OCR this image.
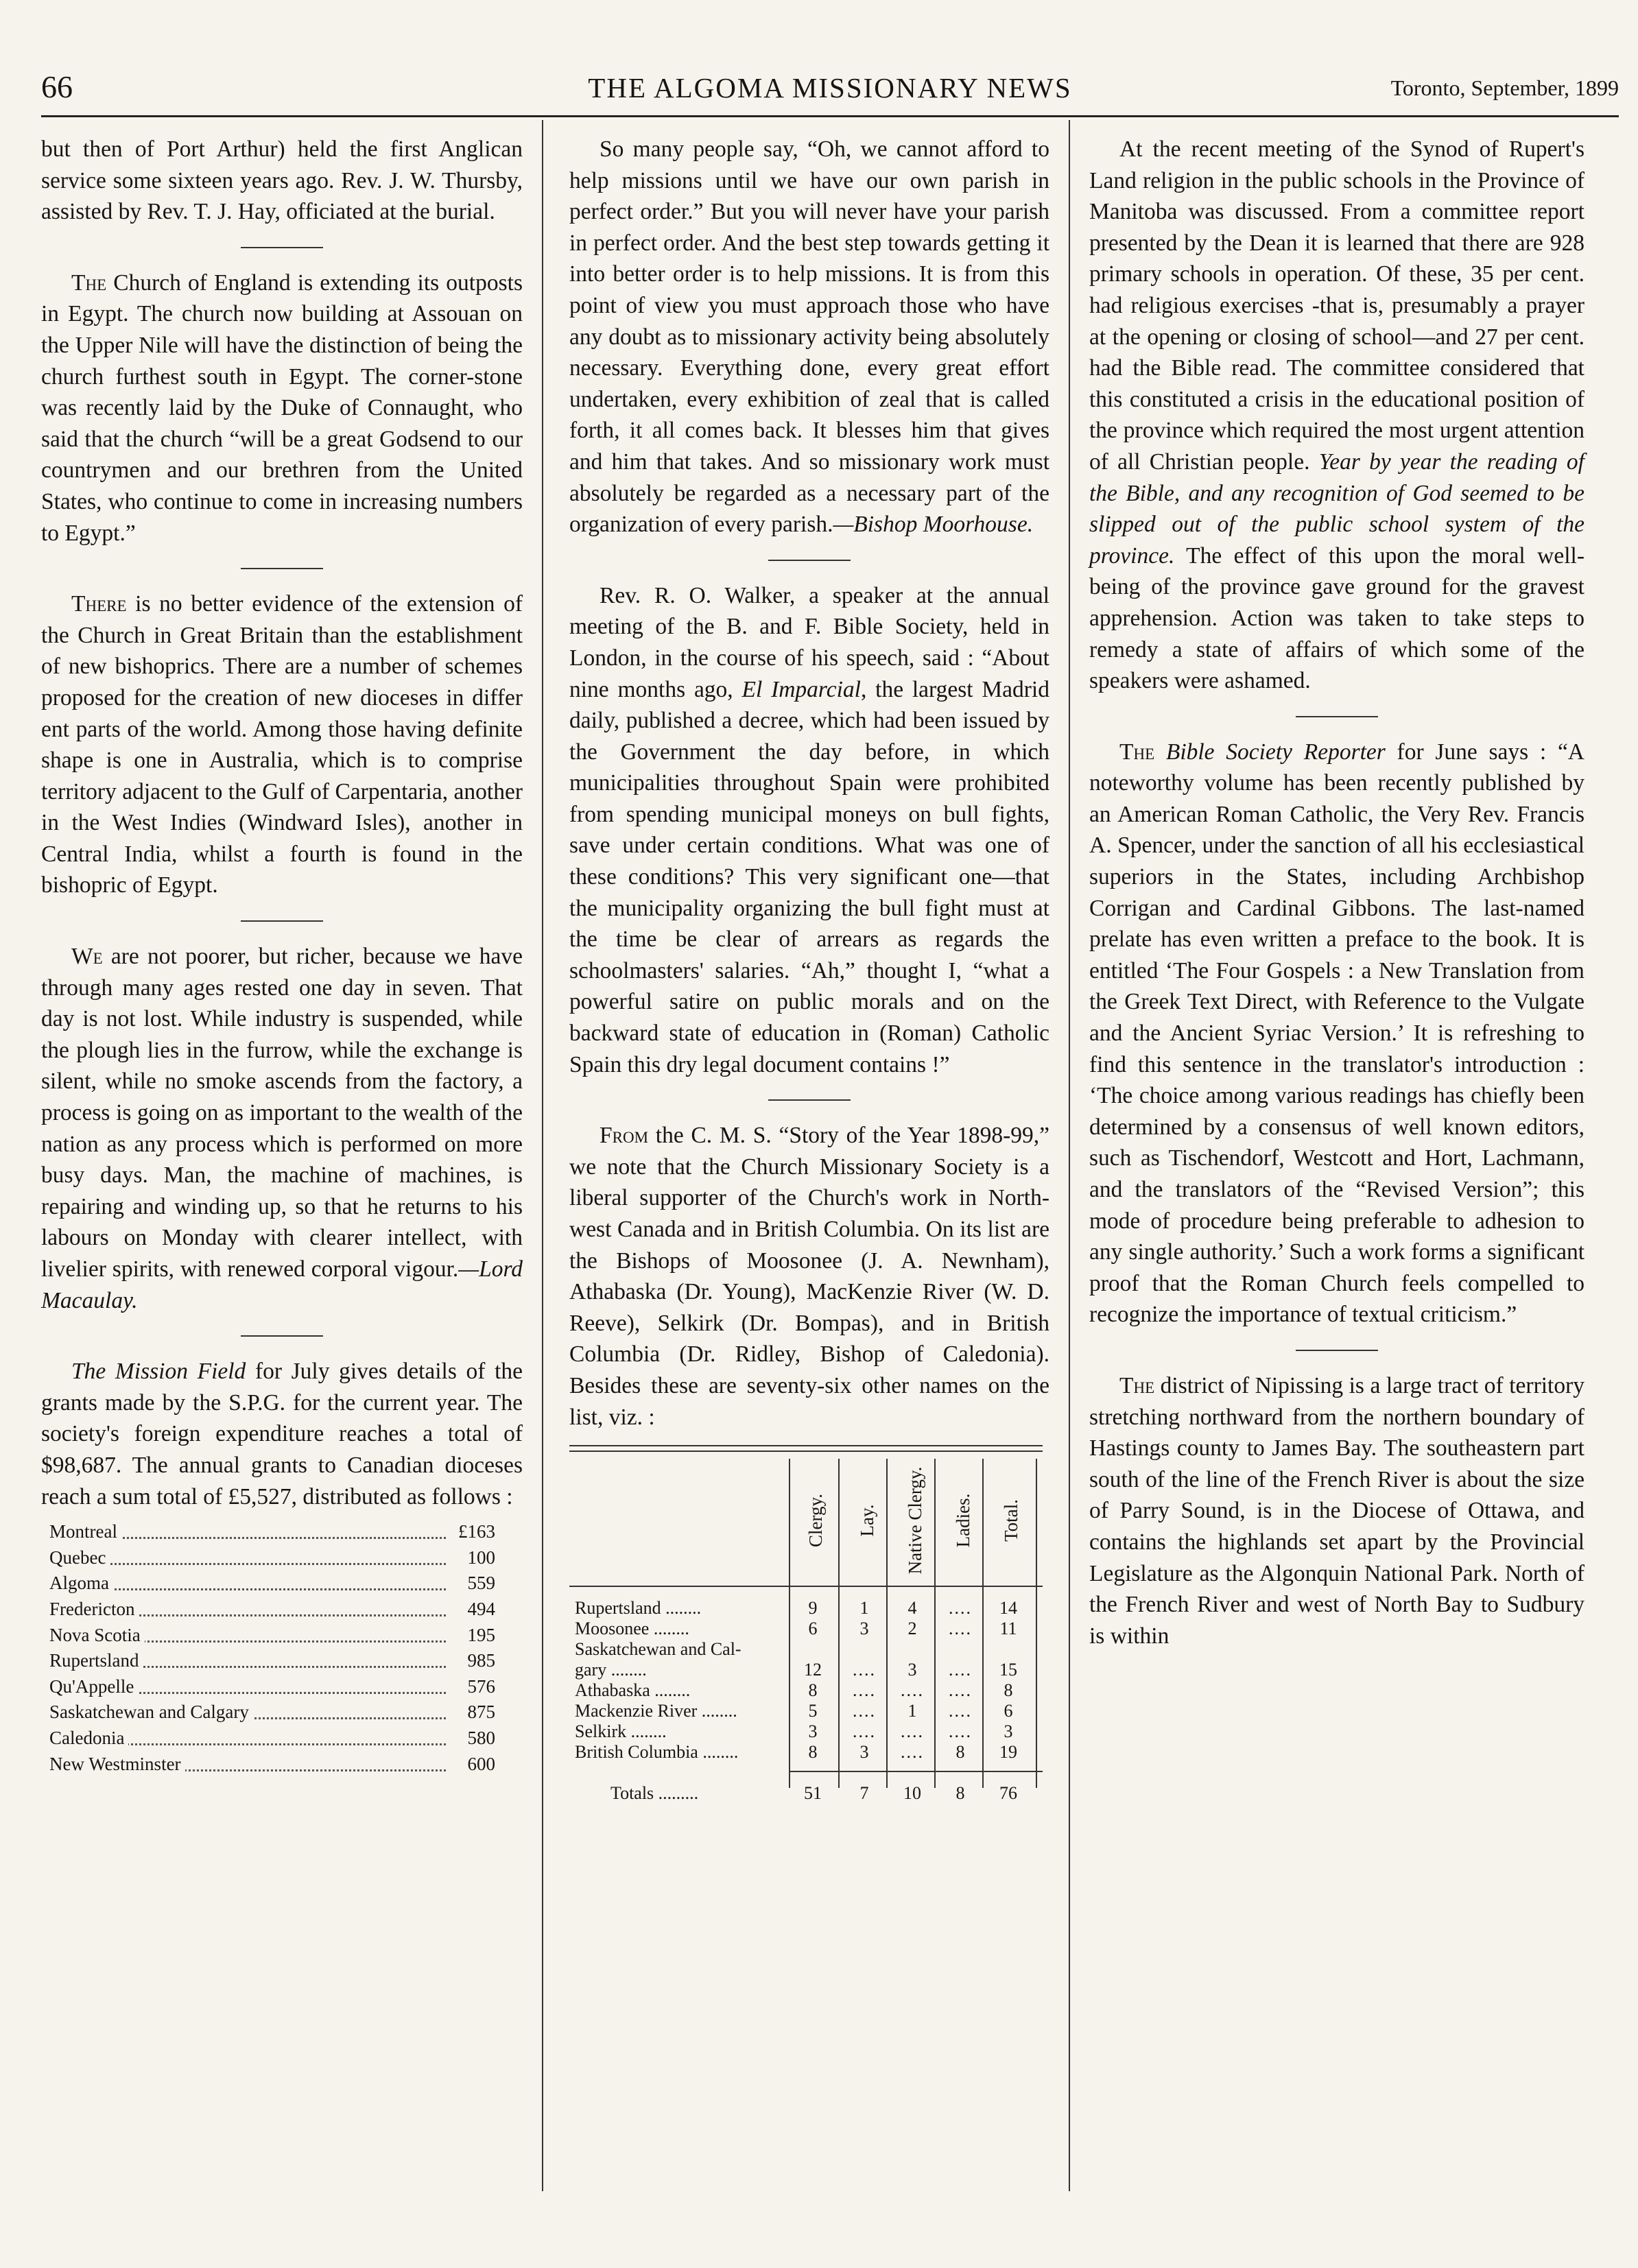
66	THE ALGOMA MISSIONARY NEWS	Toronto, September, 1899

but then of Port Arthur) held the first Anglican service some sixteen years ago. Rev. J. W. Thursby, assisted by Rev. T. J. Hay, officiated at the burial.

The Church of England is extending its outposts in Egypt. The church now building at Assouan on the Upper Nile will have the distinction of being the church furthest south in Egypt. The corner-stone was recently laid by the Duke of Connaught, who said that the church “will be a great Godsend to our countrymen and our brethren from the United States, who continue to come in increasing numbers to Egypt.”

There is no better evidence of the extension of the Church in Great Britain than the establishment of new bishoprics. There are a number of schemes proposed for the creation of new dioceses in differ ent parts of the world. Among those having definite shape is one in Australia, which is to comprise territory adjacent to the Gulf of Carpentaria, another in the West Indies (Windward Isles), another in Central India, whilst a fourth is found in the bishopric of Egypt.

We are not poorer, but richer, because we have through many ages rested one day in seven. That day is not lost. While industry is suspended, while the plough lies in the furrow, while the exchange is silent, while no smoke ascends from the factory, a process is going on as important to the wealth of the nation as any process which is performed on more busy days. Man, the machine of machines, is repairing and winding up, so that he returns to his labours on Monday with clearer intellect, with livelier spirits, with renewed corporal vigour.—Lord Macaulay.

The Mission Field for July gives details of the grants made by the S.P.G. for the current year. The society's foreign expenditure reaches a total of $98,687. The annual grants to Canadian dioceses reach a sum total of £5,527, distributed as follows :

Montreal	£163
Quebec	100
Algoma	559
Fredericton	494
Nova Scotia	195
Rupertsland	985
Qu'Appelle	576
Saskatchewan and Calgary	875
Caledonia	580
New Westminster	600

So many people say, “Oh, we cannot afford to help missions until we have our own parish in perfect order.” But you will never have your parish in perfect order. And the best step towards getting it into better order is to help missions. It is from this point of view you must approach those who have any doubt as to missionary activity being absolutely necessary. Everything done, every great effort undertaken, every exhibition of zeal that is called forth, it all comes back. It blesses him that gives and him that takes. And so missionary work must absolutely be regarded as a necessary part of the organization of every parish.—Bishop Moorhouse.

Rev. R. O. Walker, a speaker at the annual meeting of the B. and F. Bible Society, held in London, in the course of his speech, said : “About nine months ago, El Imparcial, the largest Madrid daily, published a decree, which had been issued by the Government the day before, in which municipalities throughout Spain were prohibited from spending municipal moneys on bull fights, save under certain conditions. What was one of these conditions? This very significant one—that the municipality organizing the bull fight must at the time be clear of arrears as regards the schoolmasters' salaries. “Ah,” thought I, “what a powerful satire on public morals and on the backward state of education in (Roman) Catholic Spain this dry legal document contains !”

From the C. M. S. “Story of the Year 1898-99,” we note that the Church Missionary Society is a liberal supporter of the Church's work in North-west Canada and in British Columbia. On its list are the Bishops of Moosonee (J. A. Newnham), Athabaska (Dr. Young), MacKenzie River (W. D. Reeve), Selkirk (Dr. Bompas), and in British Columbia (Dr. Ridley, Bishop of Caledonia). Besides these are seventy-six other names on the list, viz. :

Clergy.	Lay.	Native Clergy.	Ladies.	Total.
Rupertsland ........	9	1	4	....	14
Moosonee ........	6	3	2	....	11
Saskatchewan and Cal-
gary ........	12	....	3	....	15
Athabaska ........	8	....	....	....	8
Mackenzie River ........	5	....	1	....	6
Selkirk ........	3	....	....	....	3
British Columbia ........	8	3	....	8	19
Totals .........	51	7	10	8	76

At the recent meeting of the Synod of Rupert's Land religion in the public schools in the Province of Manitoba was discussed. From a committee report presented by the Dean it is learned that there are 928 primary schools in operation. Of these, 35 per cent. had religious exercises -that is, presumably a prayer at the opening or closing of school—and 27 per cent. had the Bible read. The committee considered that this constituted a crisis in the educational position of the province which required the most urgent attention of all Christian people. Year by year the reading of the Bible, and any recognition of God seemed to be slipped out of the public school system of the province. The effect of this upon the moral well-being of the province gave ground for the gravest apprehension. Action was taken to take steps to remedy a state of affairs of which some of the speakers were ashamed.

The Bible Society Reporter for June says : “A noteworthy volume has been recently published by an American Roman Catholic, the Very Rev. Francis A. Spencer, under the sanction of all his ecclesiastical superiors in the States, including Archbishop Corrigan and Cardinal Gibbons. The last-named prelate has even written a preface to the book. It is entitled ‘The Four Gospels : a New Translation from the Greek Text Direct, with Reference to the Vulgate and the Ancient Syriac Version.’ It is refreshing to find this sentence in the translator's introduction : ‘The choice among various readings has chiefly been determined by a consensus of well known editors, such as Tischendorf, Westcott and Hort, Lachmann, and the translators of the “Revised Version”; this mode of procedure being preferable to adhesion to any single authority.’ Such a work forms a significant proof that the Roman Church feels compelled to recognize the importance of textual criticism.”

The district of Nipissing is a large tract of territory stretching northward from the northern boundary of Hastings county to James Bay. The southeastern part south of the line of the French River is about the size of Parry Sound, is in the Diocese of Ottawa, and contains the highlands set apart by the Provincial Legislature as the Algonquin National Park. North of the French River and west of North Bay to Sudbury is within
